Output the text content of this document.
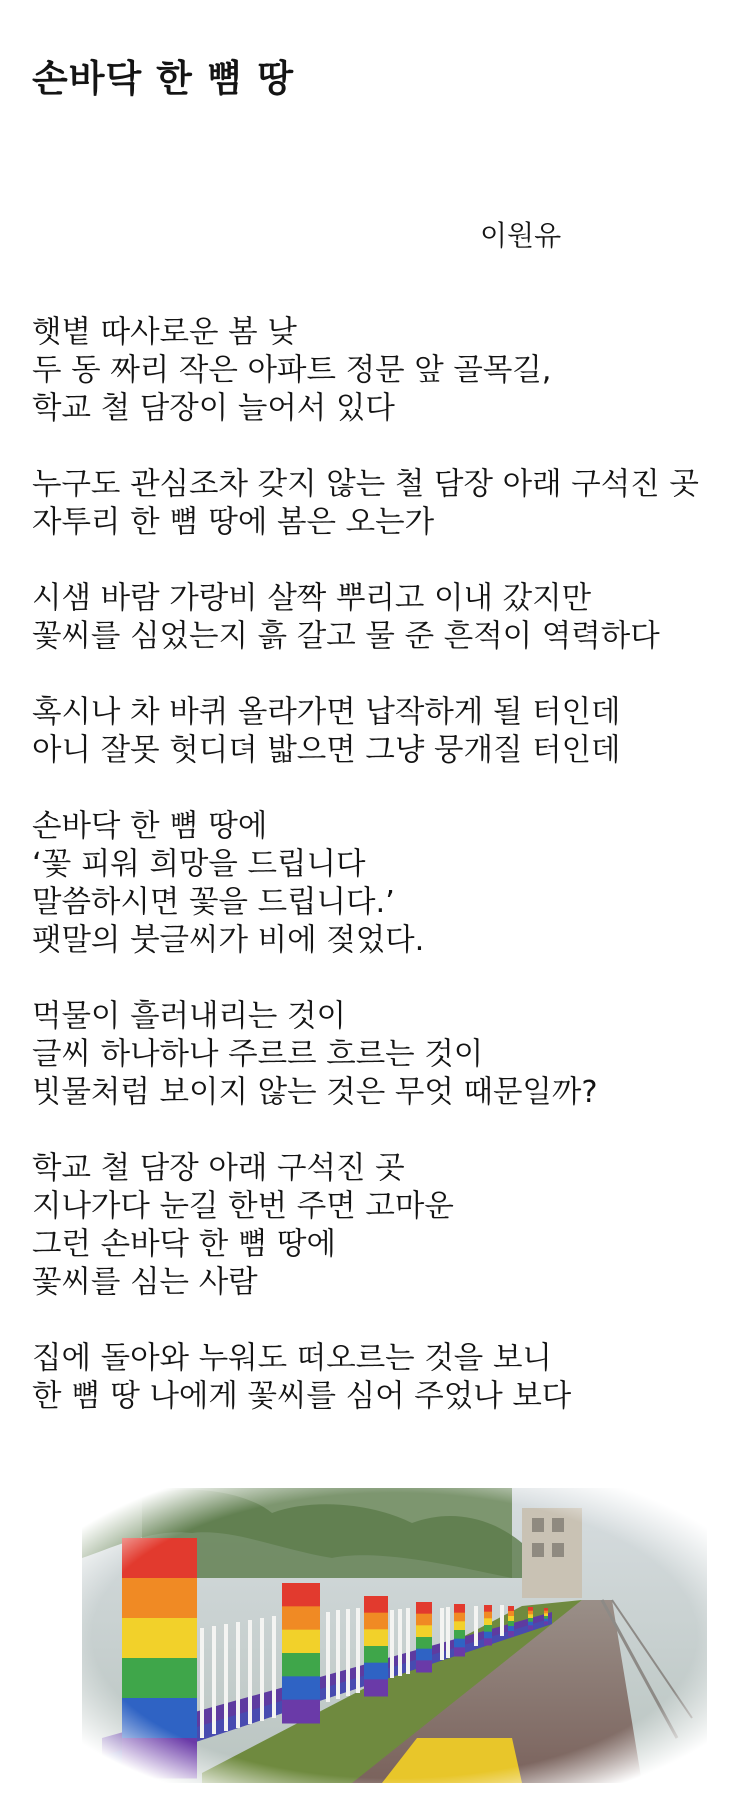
손바닥 한 뼘 땅

이원유

햇볕 따사로운 봄 낮
두 동 짜리 작은 아파트 정문 앞 골목길,
학교 철 담장이 늘어서 있다
누구도 관심조차 갖지 않는 철 담장 아래 구석진 곳
자투리 한 뼘 땅에 봄은 오는가
시샘 바람 가랑비 살짝 뿌리고 이내 갔지만
꽃씨를 심었는지 흙 갈고 물 준 흔적이 역력하다
혹시나 차 바퀴 올라가면 납작하게 될 터인데
아니 잘못 헛디뎌 밟으면 그냥 뭉개질 터인데
손바닥 한 뼘 땅에
‘꽃 피워 희망을 드립니다
말씀하시면 꽃을 드립니다.’
팻말의 붓글씨가 비에 젖었다.
먹물이 흘러내리는 것이
글씨 하나하나 주르르 흐르는 것이
빗물처럼 보이지 않는 것은 무엇 때문일까?
학교 철 담장 아래 구석진 곳
지나가다 눈길 한번 주면 고마운
그런 손바닥 한 뼘 땅에
꽃씨를 심는 사람
집에 돌아와 누워도 떠오르는 것을 보니
한 뼘 땅 나에게 꽃씨를 심어 주었나 보다
